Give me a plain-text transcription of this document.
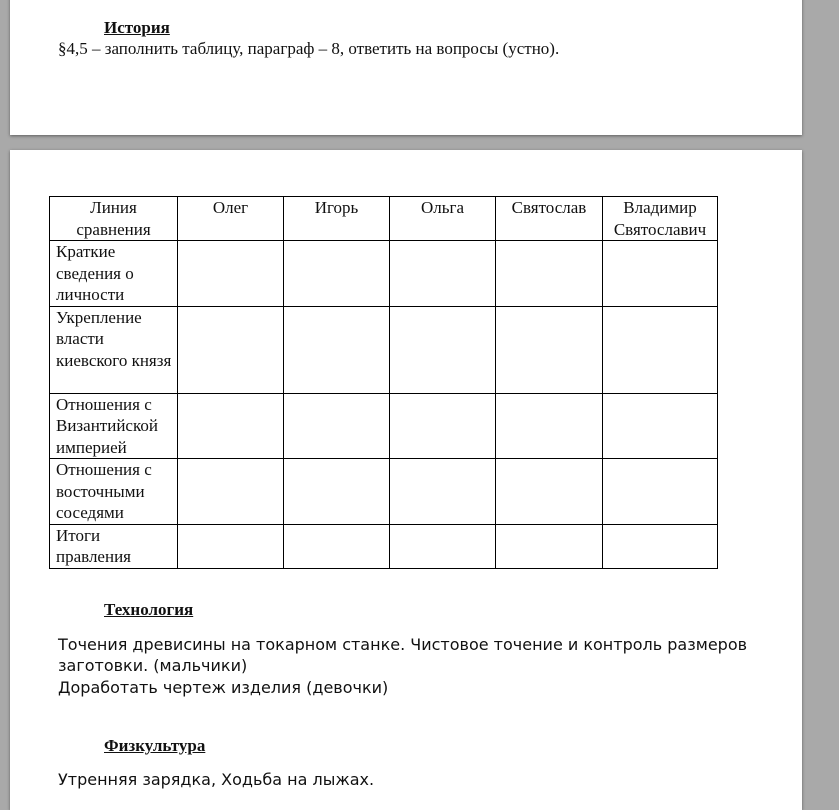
История
§4,5 – заполнить таблицу, параграф – 8, ответить на вопросы (устно).
Линия сравнения	Олег	Игорь	Ольга	Святослав	Владимир Святославич
Краткие сведения о личности					
Укрепление власти киевского князя					
Отношения с Византийской империей					
Отношения с восточными соседями					
Итоги правления					
Технология
Точения древисины на токарном станке. Чистовое точение и контроль размеров
заготовки. (мальчики)
Доработать чертеж изделия (девочки)
Физкультура
Утренняя зарядка, Ходьба на лыжах.
